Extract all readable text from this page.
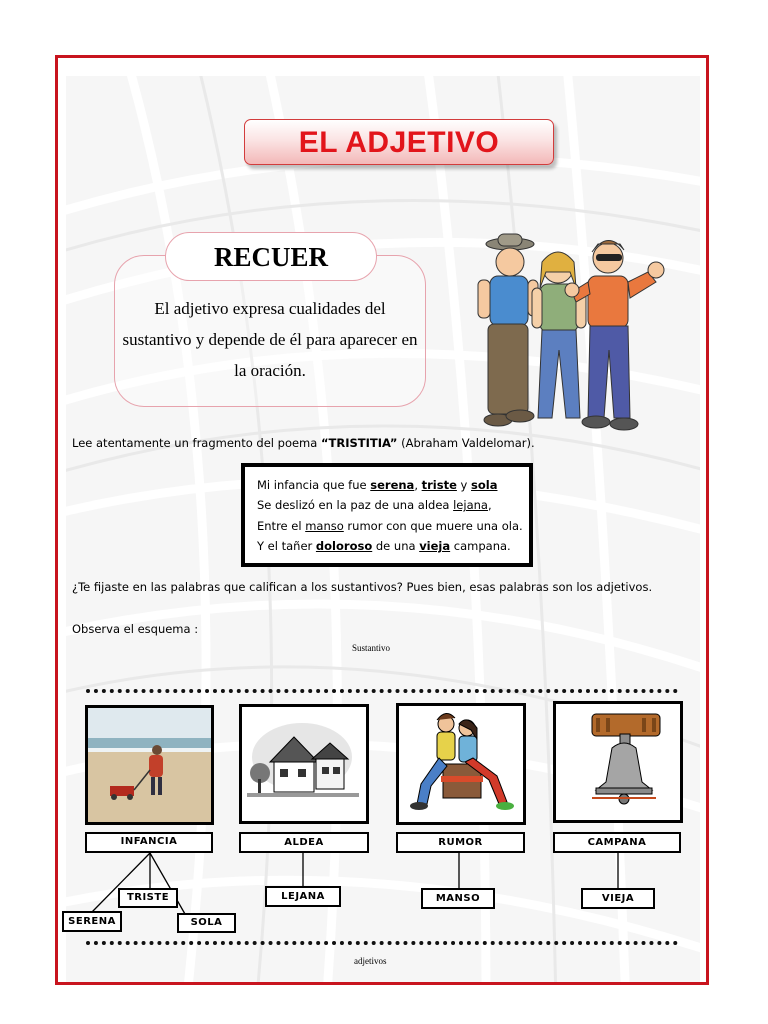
EL ADJETIVO
RECUER
El adjetivo expresa cualidades del sustantivo y depende de él para aparecer en la oración.
Lee atentamente un fragmento del poema “TRISTITIA” (Abraham Valdelomar).
Mi infancia que fue serena, triste y sola
Se deslizó en la paz de una aldea lejana,
Entre el manso rumor con que muere una ola.
Y el tañer doloroso de una vieja campana.
¿Te fijaste en las palabras que califican a los sustantivos? Pues bien, esas palabras son los adjetivos.
Observa el esquema :
Sustantivo
INFANCIA	ALDEA	RUMOR	CAMPANA
TRISTE
SERENA	SOLA
LEJANA	MANSO	VIEJA
adjetivos
